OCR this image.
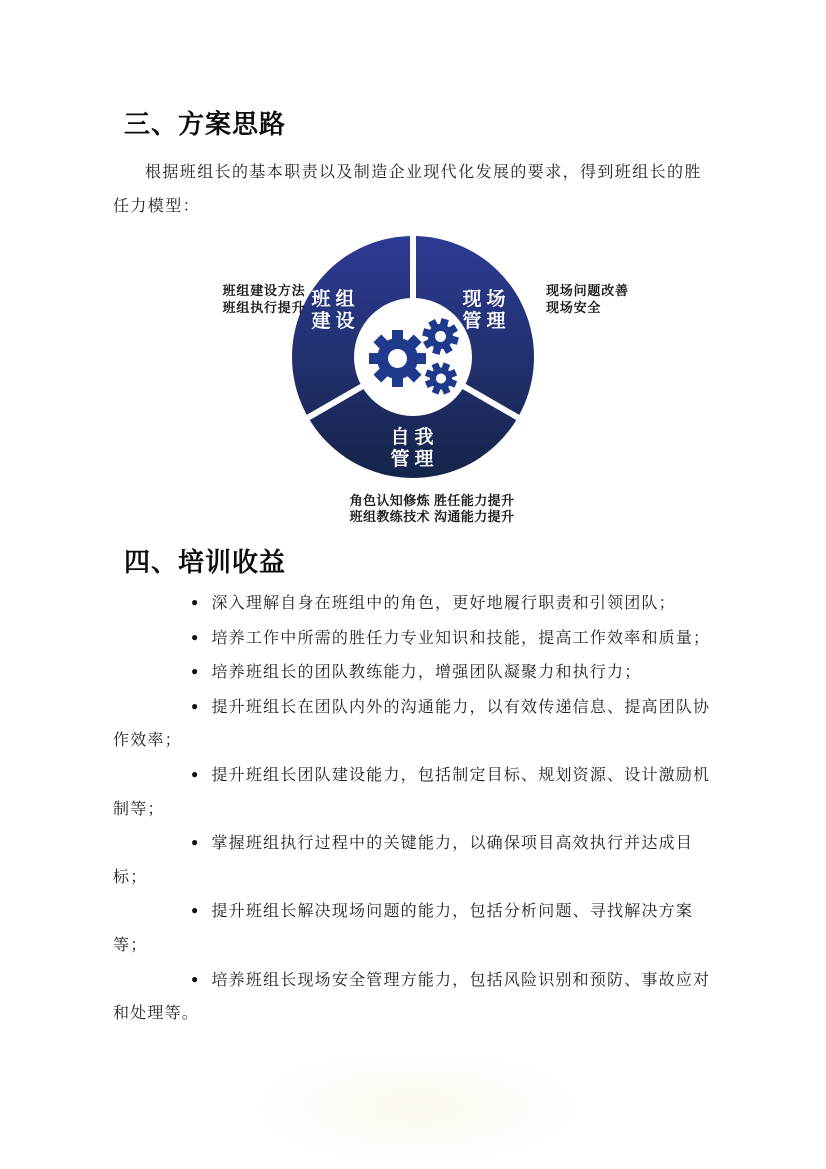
三、方案思路

根据班组长的基本职责以及制造企业现代化发展的要求，得到班组长的胜任力模型：

班组
建设
现场
管理
自我
管理
班组建设方法
班组执行提升
现场问题改善
现场安全
角色认知修炼 胜任能力提升
班组教练技术 沟通能力提升
四、培训收益

● 深入理解自身在班组中的角色，更好地履行职责和引领团队；

● 培养工作中所需的胜任力专业知识和技能，提高工作效率和质量；

● 培养班组长的团队教练能力，增强团队凝聚力和执行力；

● 提升班组长在团队内外的沟通能力，以有效传递信息、提高团队协作效率；

● 提升班组长团队建设能力，包括制定目标、规划资源、设计激励机制等；

● 掌握班组执行过程中的关键能力，以确保项目高效执行并达成目标；

● 提升班组长解决现场问题的能力，包括分析问题、寻找解决方案等；

● 培养班组长现场安全管理方能力，包括风险识别和预防、事故应对和处理等。
